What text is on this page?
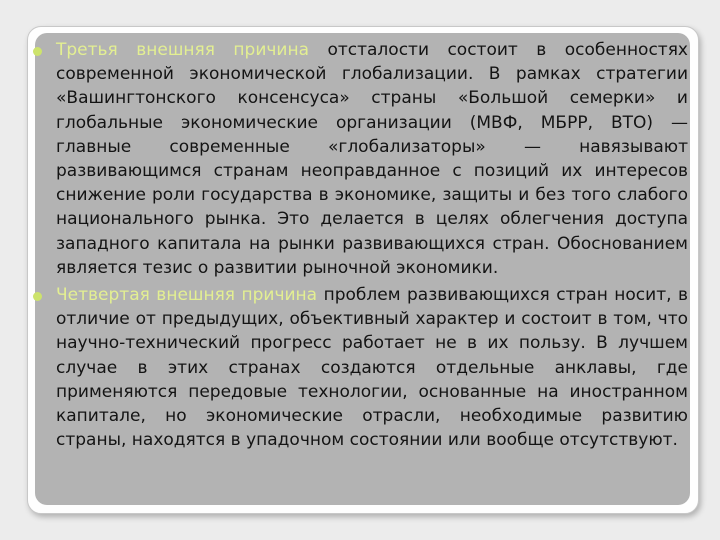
Третья внешняя причина отсталости состоит в особенностях современной экономической глобализации. В рамках стратегии «Вашингтонского консенсуса» страны «Большой семерки» и глобальные экономические организации (МВФ, МБРР, ВТО) — главные современные «глобализаторы» — навязывают развивающимся странам неоправданное с позиций их интересов снижение роли государства в экономике, защиты и без того слабого национального рынка. Это делается в целях облегчения доступа западного капитала на рынки развивающихся стран. Обоснованием является тезис о развитии рыночной экономики.
Четвертая внешняя причина проблем развивающихся стран носит, в отличие от предыдущих, объективный характер и состоит в том, что научно-технический прогресс работает не в их пользу. В лучшем случае в этих странах создаются отдельные анклавы, где применяются передовые технологии, основанные на иностранном капитале, но экономические отрасли, необходимые развитию страны, находятся в упадочном состоянии или вообще отсутствуют.
